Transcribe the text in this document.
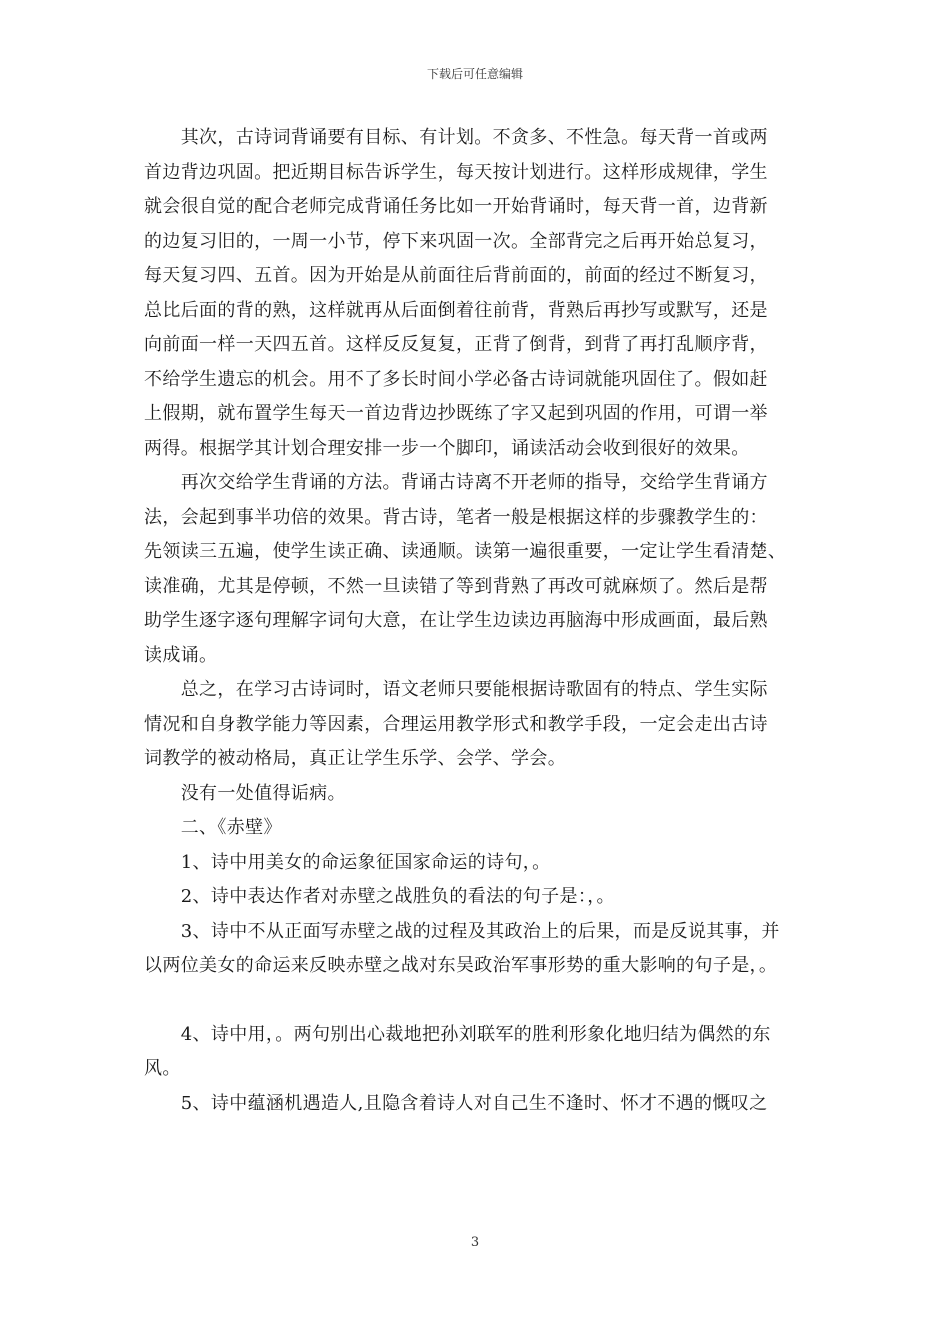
下载后可任意编辑

　　其次，古诗词背诵要有目标、有计划。不贪多、不性急。每天背一首或两

首边背边巩固。把近期目标告诉学生，每天按计划进行。这样形成规律，学生

就会很自觉的配合老师完成背诵任务比如一开始背诵时，每天背一首，边背新

的边复习旧的，一周一小节，停下来巩固一次。全部背完之后再开始总复习，

每天复习四、五首。因为开始是从前面往后背前面的，前面的经过不断复习，

总比后面的背的熟，这样就再从后面倒着往前背，背熟后再抄写或默写，还是

向前面一样一天四五首。这样反反复复，正背了倒背，到背了再打乱顺序背，

不给学生遗忘的机会。用不了多长时间小学必备古诗词就能巩固住了。假如赶

上假期，就布置学生每天一首边背边抄既练了字又起到巩固的作用，可谓一举

两得。根据学其计划合理安排一步一个脚印，诵读活动会收到很好的效果。

　　再次交给学生背诵的方法。背诵古诗离不开老师的指导，交给学生背诵方

法，会起到事半功倍的效果。背古诗，笔者一般是根据这样的步骤教学生的：

先领读三五遍，使学生读正确、读通顺。读第一遍很重要，一定让学生看清楚、

读准确，尤其是停顿，不然一旦读错了等到背熟了再改可就麻烦了。然后是帮

助学生逐字逐句理解字词句大意，在让学生边读边再脑海中形成画面，最后熟

读成诵。

　　总之，在学习古诗词时，语文老师只要能根据诗歌固有的特点、学生实际

情况和自身教学能力等因素，合理运用教学形式和教学手段，一定会走出古诗

词教学的被动格局，真正让学生乐学、会学、学会。

　　没有一处值得诟病。

　　二、《赤壁》

　　1、诗中用美女的命运象征国家命运的诗句，。

　　2、诗中表达作者对赤壁之战胜负的看法的句子是：，。

　　3、诗中不从正面写赤壁之战的过程及其政治上的后果，而是反说其事，并

以两位美女的命运来反映赤壁之战对东吴政治军事形势的重大影响的句子是，。

　　4、诗中用，。两句别出心裁地把孙刘联军的胜利形象化地归结为偶然的东

风。

　　5、诗中蕴涵机遇造人,且隐含着诗人对自己生不逢时、怀才不遇的慨叹之

3
